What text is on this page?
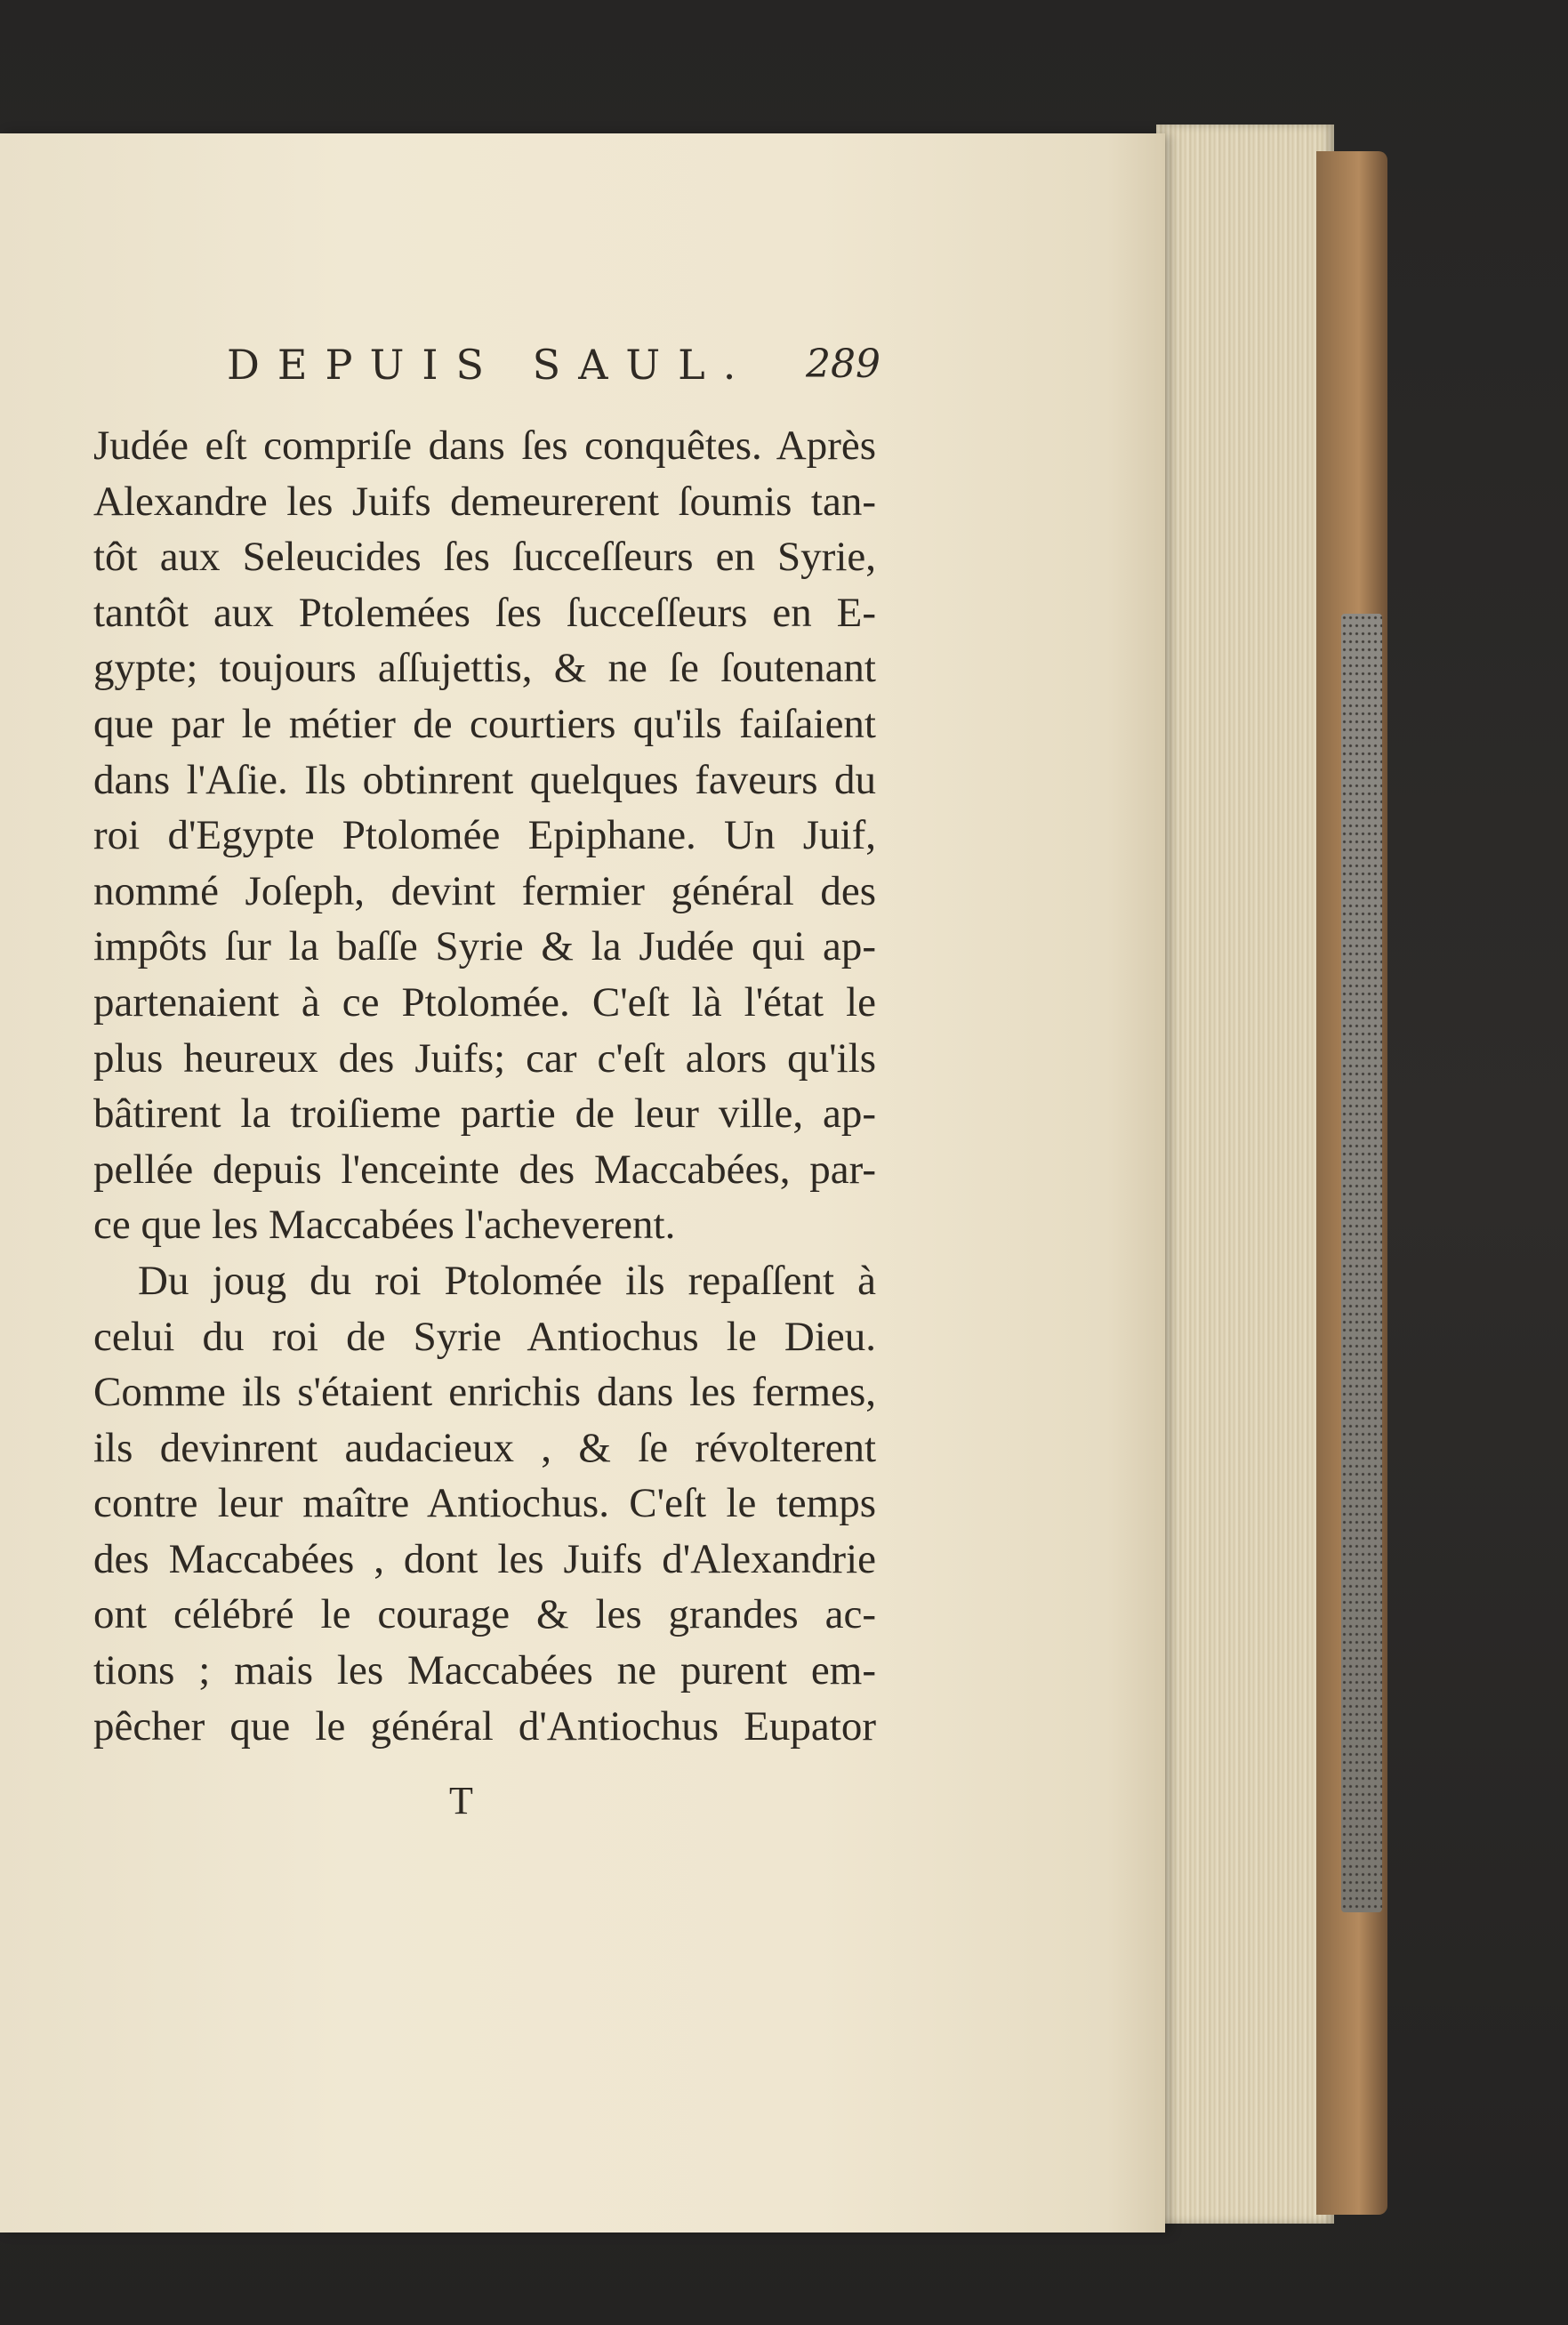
DEPUIS SAUL. 289
Judée eſt compriſe dans ſes conquêtes. Après
Alexandre les Juifs demeurerent ſoumis tan-
tôt aux Seleucides ſes ſucceſſeurs en Syrie,
tantôt aux Ptolemées ſes ſucceſſeurs en E-
gypte; toujours aſſujettis, & ne ſe ſoutenant
que par le métier de courtiers qu'ils faiſaient
dans l'Aſie. Ils obtinrent quelques faveurs du
roi d'Egypte Ptolomée Epiphane. Un Juif,
nommé Joſeph, devint fermier général des
impôts ſur la baſſe Syrie & la Judée qui ap-
partenaient à ce Ptolomée. C'eſt là l'état le
plus heureux des Juifs; car c'eſt alors qu'ils
bâtirent la troiſieme partie de leur ville, ap-
pellée depuis l'enceinte des Maccabées, par-
ce que les Maccabées l'acheverent.
Du joug du roi Ptolomée ils repaſſent à
celui du roi de Syrie Antiochus le Dieu.
Comme ils s'étaient enrichis dans les fermes,
ils devinrent audacieux , & ſe révolterent
contre leur maître Antiochus. C'eſt le temps
des Maccabées , dont les Juifs d'Alexandrie
ont célébré le courage & les grandes ac-
tions ; mais les Maccabées ne purent em-
pêcher que le général d'Antiochus Eupator
T
